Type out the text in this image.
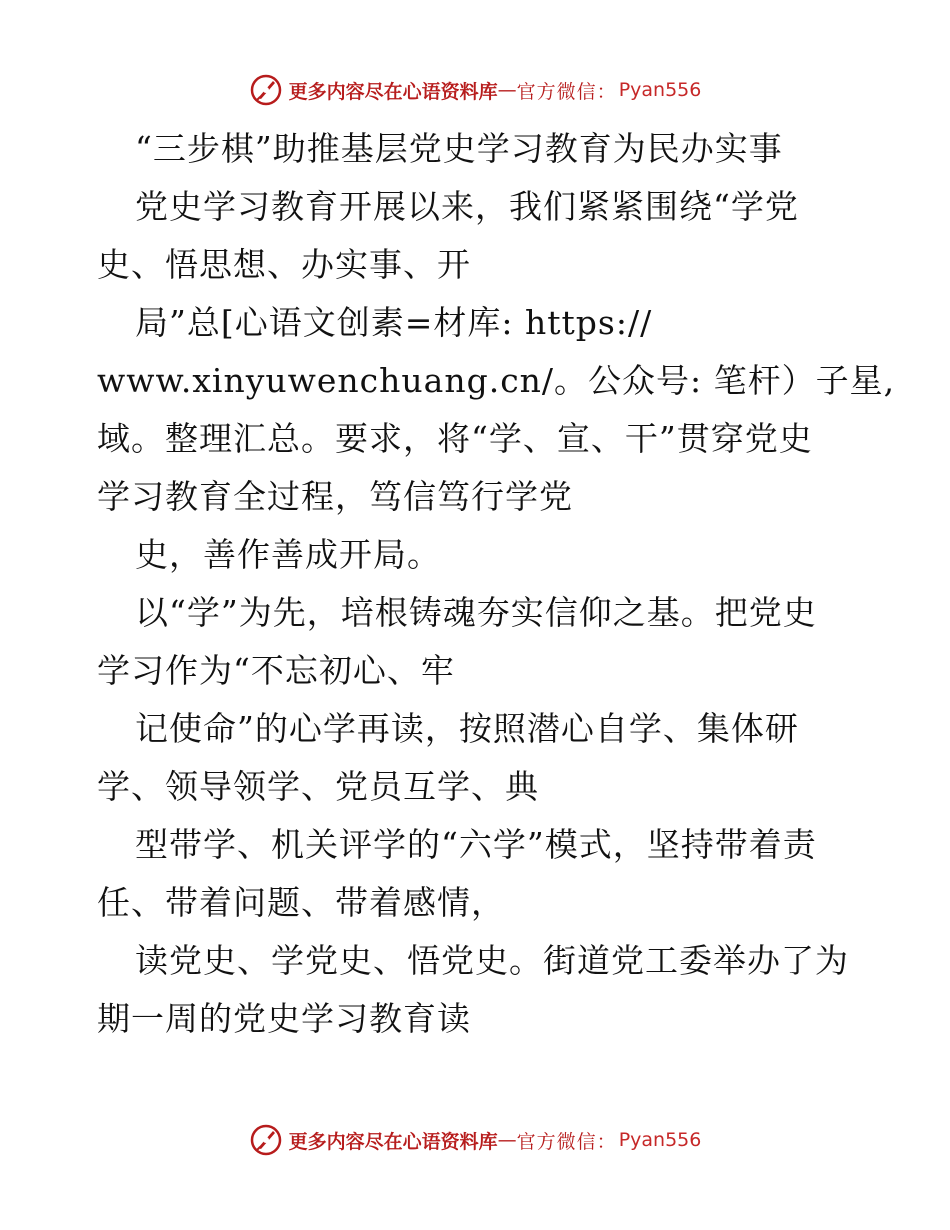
更多内容尽在心语资料库 — 官方微信： Pyan556
“三步棋”助推基层党史学习教育为民办实事
党史学习教育开展以来，我们紧紧围绕“学党
史、悟思想、办实事、开
局”总[心语文创素=材库: https://
www.xinyuwenchuang.cn/。公众号: 笔杆）子星,
域。整理汇总。要求，将“学、宣、干”贯穿党史
学习教育全过程，笃信笃行学党
史，善作善成开局。
以“学”为先，培根铸魂夯实信仰之基。把党史
学习作为“不忘初心、牢
记使命”的心学再读，按照潜心自学、集体研
学、领导领学、党员互学、典
型带学、机关评学的“六学”模式，坚持带着责
任、带着问题、带着感情，
读党史、学党史、悟党史。街道党工委举办了为
期一周的党史学习教育读
更多内容尽在心语资料库 — 官方微信： Pyan556
